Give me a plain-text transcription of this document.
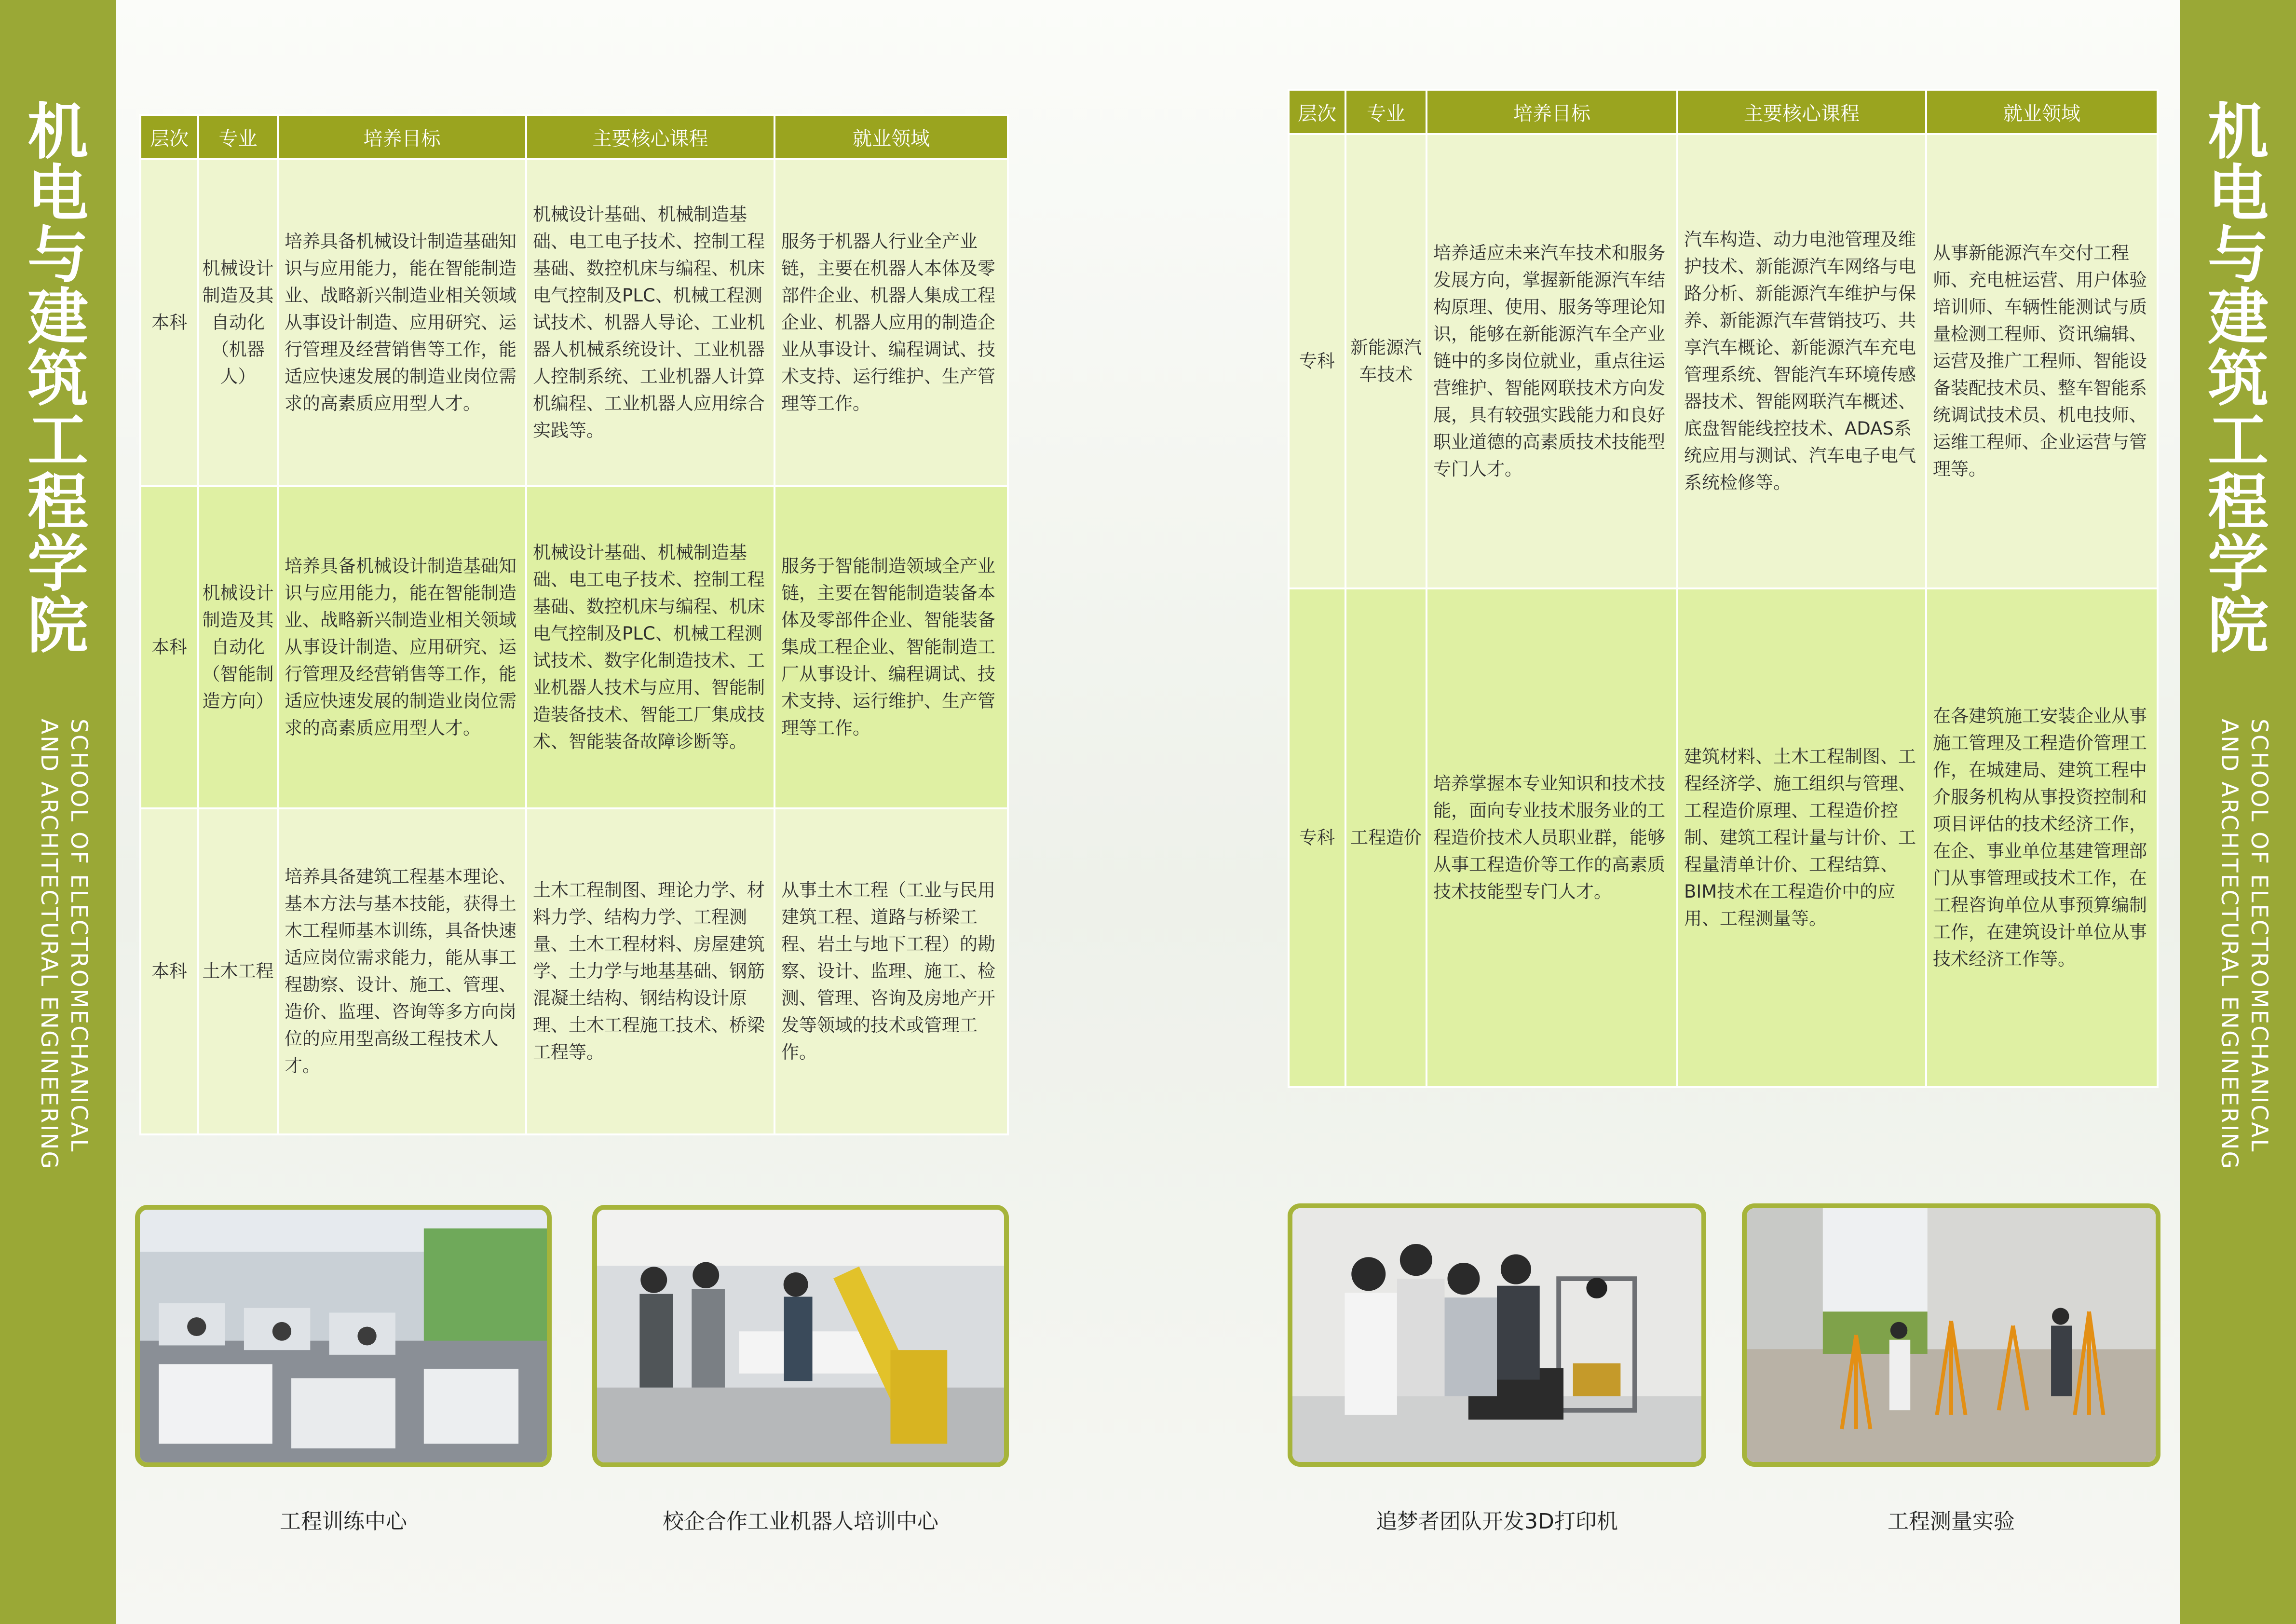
机
电
与
建
筑
工
程
学
院
SCHOOL OF ELECTROMECHANICAL
AND ARCHITECTURAL ENGINEERING
机
电
与
建
筑
工
程
学
院
SCHOOL OF ELECTROMECHANICAL
AND ARCHITECTURAL ENGINEERING
层次	专业	培养目标	主要核心课程	就业领域
本科	机械设计制造及其自动化（机器人）	培养具备机械设计制造基础知识与应用能力，能在智能制造业、战略新兴制造业相关领域从事设计制造、应用研究、运行管理及经营销售等工作，能适应快速发展的制造业岗位需求的高素质应用型人才。	机械设计基础、机械制造基础、电工电子技术、控制工程基础、数控机床与编程、机床电气控制及PLC、机械工程测试技术、机器人导论、工业机器人机械系统设计、工业机器人控制系统、工业机器人计算机编程、工业机器人应用综合实践等。	服务于机器人行业全产业链，主要在机器人本体及零部件企业、机器人集成工程企业、机器人应用的制造企业从事设计、编程调试、技术支持、运行维护、生产管理等工作。
本科	机械设计制造及其自动化（智能制造方向）	培养具备机械设计制造基础知识与应用能力，能在智能制造业、战略新兴制造业相关领域从事设计制造、应用研究、运行管理及经营销售等工作，能适应快速发展的制造业岗位需求的高素质应用型人才。	机械设计基础、机械制造基础、电工电子技术、控制工程基础、数控机床与编程、机床电气控制及PLC、机械工程测试技术、数字化制造技术、工业机器人技术与应用、智能制造装备技术、智能工厂集成技术、智能装备故障诊断等。	服务于智能制造领域全产业链，主要在智能制造装备本体及零部件企业、智能装备集成工程企业、智能制造工厂从事设计、编程调试、技术支持、运行维护、生产管理等工作。
本科	土木工程	培养具备建筑工程基本理论、基本方法与基本技能，获得土木工程师基本训练，具备快速适应岗位需求能力，能从事工程勘察、设计、施工、管理、造价、监理、咨询等多方向岗位的应用型高级工程技术人才。	土木工程制图、理论力学、材料力学、结构力学、工程测量、土木工程材料、房屋建筑学、土力学与地基基础、钢筋混凝土结构、钢结构设计原理、土木工程施工技术、桥梁工程等。	从事土木工程（工业与民用建筑工程、道路与桥梁工程、岩土与地下工程）的勘察、设计、监理、施工、检测、管理、咨询及房地产开发等领域的技术或管理工作。
层次	专业	培养目标	主要核心课程	就业领域
专科	新能源汽车技术	培养适应未来汽车技术和服务发展方向，掌握新能源汽车结构原理、使用、服务等理论知识，能够在新能源汽车全产业链中的多岗位就业，重点往运营维护、智能网联技术方向发展，具有较强实践能力和良好职业道德的高素质技术技能型专门人才。	汽车构造、动力电池管理及维护技术、新能源汽车网络与电路分析、新能源汽车维护与保养、新能源汽车营销技巧、共享汽车概论、新能源汽车充电管理系统、智能汽车环境传感器技术、智能网联汽车概述、底盘智能线控技术、ADAS系统应用与测试、汽车电子电气系统检修等。	从事新能源汽车交付工程师、充电桩运营、用户体验培训师、车辆性能测试与质量检测工程师、资讯编辑、运营及推广工程师、智能设备装配技术员、整车智能系统调试技术员、机电技师、运维工程师、企业运营与管理等。
专科	工程造价	培养掌握本专业知识和技术技能，面向专业技术服务业的工程造价技术人员职业群，能够从事工程造价等工作的高素质技术技能型专门人才。	建筑材料、土木工程制图、工程经济学、施工组织与管理、工程造价原理、工程造价控制、建筑工程计量与计价、工程量清单计价、工程结算、BIM技术在工程造价中的应用、工程测量等。	在各建筑施工安装企业从事施工管理及工程造价管理工作，在城建局、建筑工程中介服务机构从事投资控制和项目评估的技术经济工作，在企、事业单位基建管理部门从事管理或技术工作，在工程咨询单位从事预算编制工作，在建筑设计单位从事技术经济工作等。
工程训练中心	校企合作工业机器人培训中心	追梦者团队开发3D打印机	工程测量实验
